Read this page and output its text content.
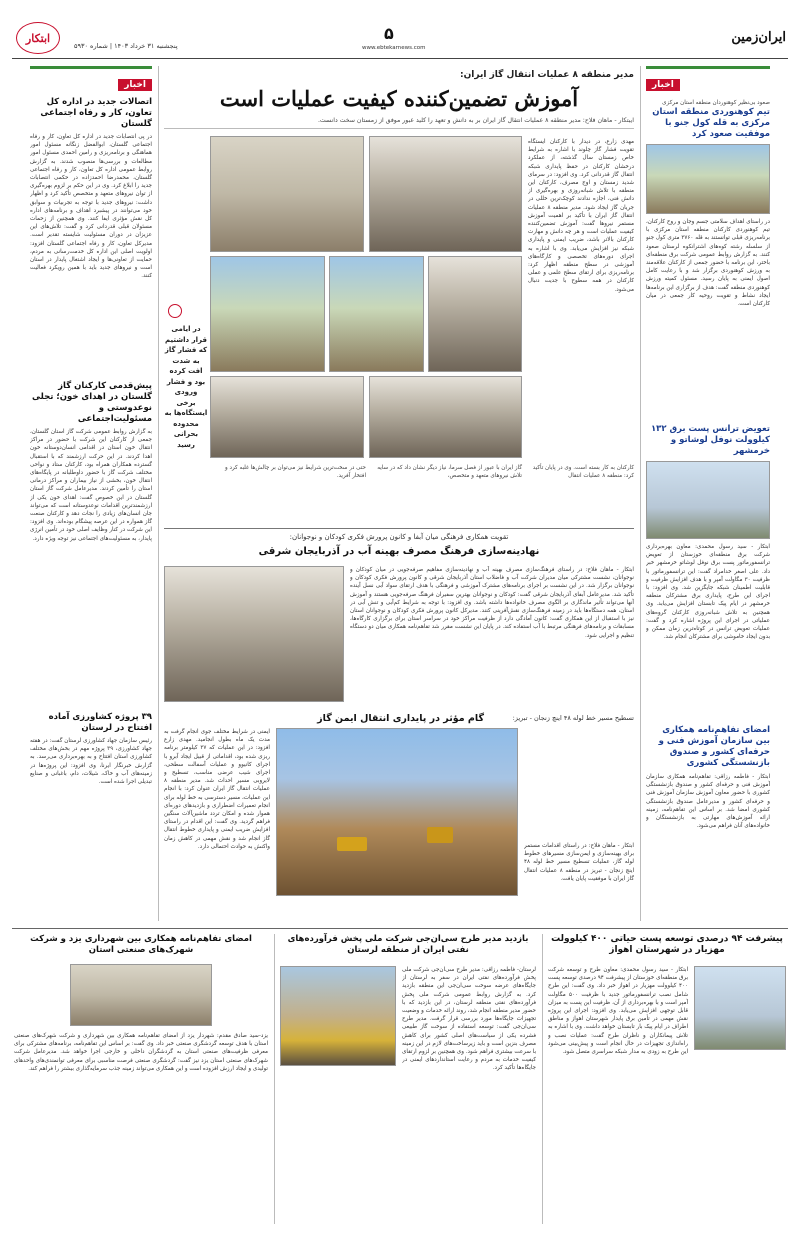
ایران‌زمین
۵
www.ebtekarnews.com
پنجشنبه ۳۱ خرداد ۱۴۰۳ | شماره ۵۹۳۰
ابتکار
اخبار
اتصالات جدید در اداره کل تعاون، کار و رفاه اجتماعی گلستان
در پی انتصابات جدید در اداره کل تعاون، کار و رفاه اجتماعی گلستان، ابوالفضل زنگانه مسئول امور هماهنگی و برنامه‌ریزی و رامین احمدی مسئول امور مطالعات و بررسی‌ها منصوب شدند. به گزارش روابط عمومی اداره کل تعاون، کار و رفاه اجتماعی گلستان، محمدرضا احمدزاده در حکمی انتصابات جدید را ابلاغ کرد. وی در این حکم بر لزوم بهره‌گیری از توان نیروهای متعهد و متخصص تأکید کرد و اظهار داشت: نیروهای جدید با توجه به تجربیات و سوابق خود می‌توانند در پیشبرد اهداف و برنامه‌های اداره کل نقش مؤثری ایفا کنند. وی همچنین از زحمات مسئولان قبلی قدردانی کرد و گفت: تلاش‌های این عزیزان در دوران مسئولیت شایسته تقدیر است. مدیرکل تعاون، کار و رفاه اجتماعی گلستان افزود: اولویت اصلی این اداره کل خدمت‌رسانی به مردم، حمایت از تعاونی‌ها و ایجاد اشتغال پایدار در استان است و نیروهای جدید باید با همین رویکرد فعالیت کنند.
پیش‌قدمی کارکنان گاز گلستان در اهدای خون؛ تجلی نوعدوستی و مسئولیت‌اجتماعی
به گزارش روابط عمومی شرکت گاز استان گلستان، جمعی از کارکنان این شرکت با حضور در مراکز انتقال خون استان در اقدامی انسان‌دوستانه خون اهدا کردند. در این حرکت ارزشمند که با استقبال گسترده همکاران همراه بود، کارکنان ستاد و نواحی مختلف شرکت گاز با حضور داوطلبانه در پایگاه‌های انتقال خون، بخشی از نیاز بیماران و مراکز درمانی استان را تأمین کردند. مدیرعامل شرکت گاز استان گلستان در این خصوص گفت: اهدای خون یکی از ارزشمندترین اقدامات نوعدوستانه است که می‌تواند جان انسان‌های زیادی را نجات دهد و کارکنان صنعت گاز همواره در این عرصه پیشگام بوده‌اند. وی افزود: این شرکت در کنار وظایف اصلی خود در تأمین انرژی پایدار، به مسئولیت‌های اجتماعی نیز توجه ویژه دارد.
۳۹ پروژه کشاورزی آماده افتتاح در لرستان
رئیس سازمان جهاد کشاورزی لرستان گفت: در هفته جهاد کشاورزی، ۳۹ پروژه مهم در بخش‌های مختلف کشاورزی استان افتتاح و به بهره‌برداری می‌رسد. به گزارش خبرنگار ایرنا، وی افزود: این پروژه‌ها در زمینه‌های آب و خاک، شیلات، دام، باغبانی و صنایع تبدیلی اجرا شده است.
مدیر منطقه ۸ عملیات انتقال گاز ایران:
آموزش تضمین‌کننده کیفیت عملیات است
ایبتکار - ماهان فلاح: مدیر منطقه ۸ عملیات انتقال گاز ایران بر به دانش و تعهد را کلید عبور موفق از زمستان سخت دانست.
در ایامی قرار داشتیم که فشار گاز به شدت افت کرده بود و فشار ورودی برخی ایستگاه‌ها به محدوده بحرانی رسید
مهدی زارع، در دیدار با کارکنان ایستگاه تقویت فشار گاز چلوند با اشاره به شرایط خاص زمستان سال گذشته، از عملکرد درخشان کارکنان در حفظ پایداری شبکه انتقال گاز قدردانی کرد. وی افزود: در سرمای شدید زمستان و اوج مصرف، کارکنان این منطقه با تلاش شبانه‌روزی و بهره‌گیری از دانش فنی، اجازه ندادند کوچک‌ترین خللی در جریان گاز ایجاد شود. مدیر منطقه ۸ عملیات انتقال گاز ایران با تأکید بر اهمیت آموزش مستمر نیروها گفت: آموزش تضمین‌کننده کیفیت عملیات است و هر چه دانش و مهارت کارکنان بالاتر باشد، ضریب ایمنی و پایداری شبکه نیز افزایش می‌یابد. وی با اشاره به اجرای دوره‌های تخصصی و کارگاه‌های آموزشی در سطح منطقه اظهار کرد: برنامه‌ریزی برای ارتقای سطح علمی و عملی کارکنان در همه سطوح با جدیت دنبال می‌شود.
کارکنان به کار بسته است. وی در پایان تأکید کرد: منطقه ۸ عملیات انتقال
گاز ایران با عبور از فصل سرما، نیاز دیگر نشان داد که در سایه تلاش نیروهای متعهد و متخصص،
حتی در سخت‌ترین شرایط نیز می‌توان بر چالش‌ها غلبه کرد و افتخار آفرید.
تقویت همکاری فرهنگی میان آبفا و کانون پرورش فکری کودکان و نوجوانان:
نهادینه‌سازی فرهنگ مصرف بهینه آب در آذربایجان شرقی
ابتکار - ماهان فلاح: در راستای فرهنگ‌سازی مصرف بهینه آب و نهادینه‌سازی مفاهیم صرفه‌جویی در میان کودکان و نوجوانان، نشست مشترکی میان مدیران شرکت آب و فاضلاب استان آذربایجان شرقی و کانون پرورش فکری کودکان و نوجوانان برگزار شد. در این نشست بر اجرای برنامه‌های مشترک آموزشی و فرهنگی با هدف ارتقای سواد آبی نسل آینده تأکید شد. مدیرعامل آبفای آذربایجان شرقی گفت: کودکان و نوجوانان بهترین سفیران فرهنگ صرفه‌جویی هستند و آموزش آنها می‌تواند تأثیر ماندگاری بر الگوی مصرف خانواده‌ها داشته باشد. وی افزود: با توجه به شرایط کم‌آبی و تنش آبی در استان، همه دستگاه‌ها باید در زمینه فرهنگ‌سازی نقش‌آفرینی کنند. مدیرکل کانون پرورش فکری کودکان و نوجوانان استان نیز با استقبال از این همکاری گفت: کانون آمادگی دارد از ظرفیت مراکز خود در سراسر استان برای برگزاری کارگاه‌ها، مسابقات و برنامه‌های فرهنگی مرتبط با آب استفاده کند. در پایان این نشست مقرر شد تفاهم‌نامه همکاری میان دو دستگاه تنظیم و اجرایی شود.
تسطیح مسیر خط لوله ۴۸ اینچ زنجان - تبریز:
گام مؤثر در پایداری انتقال ایمن گاز
ابتکار - ماهان فلاح: در راستای اقدامات مستمر برای بهینه‌سازی و ایمن‌سازی مسیرهای خطوط لوله گاز، عملیات تسطیح مسیر خط لوله ۴۸ اینچ زنجان - تبریز در منطقه ۸ عملیات انتقال گاز ایران با موفقیت پایان یافت.
ایمنی در شرایط مختلف جوی انجام گرفت به مدت یک ماه بطول انجامید. مهدی زارع افزود: در این عملیات که ۳۷ کیلومتر برنامه ریزی شده بود، اقداماتی از قبیل ایجاد آبرو با اجرای کانیوو و عملیات آسفالت سطحی، اجرای شیب عرضی مناسب، تسطیح و لایروبی مسیر احداث شد. مدیر منطقه ۸ عملیات انتقال گاز ایران عنوان کرد: با انجام این عملیات، مسیر دسترسی به خط لوله برای انجام تعمیرات اضطراری و بازدیدهای دوره‌ای هموار شده و امکان تردد ماشین‌آلات سنگین فراهم گردید. وی گفت: این اقدام در راستای افزایش ضریب ایمنی و پایداری خطوط انتقال گاز انجام شد و نقش مهمی در کاهش زمان واکنش به حوادث احتمالی دارد.
اخبار
صعود بی‌نظیر کوهنوردان منطقه استان مرکزی
تیم کوهنوردی منطقه استان مرکزی به قله کول جنو با موفقیت صعود کرد
در راستای اهداف سلامتی جسم وجان و روح کارکنان، تیم کوهنوردی کارکنان منطقه استان مرکزی با برنامه‌ریزی قبلی توانستند به قله ۳۷۶۰ متری کول جنو از سلسله رشته کوه‌های اشترانکوه لرستان صعود کنند. به گزارش روابط عمومی شرکت برق منطقه‌ای باختر، این برنامه با حضور جمعی از کارکنان علاقه‌مند به ورزش کوهنوردی برگزار شد و با رعایت کامل اصول ایمنی به پایان رسید. مسئول کمیته ورزش کوهنوردی منطقه گفت: هدف از برگزاری این برنامه‌ها ایجاد نشاط و تقویت روحیه کار جمعی در میان کارکنان است.
تعویض ترانس پست برق ۱۳۲ کیلوولت نوفل لوشاتو و خرمشهر
ابتکار - سید رسول محمدی: معاون بهره‌برداری شرکت برق منطقه‌ای خوزستان از تعویض ترانسفورماتور پست برق نوفل لوشاتو خرمشهر خبر داد. علی اصغر خدامراد گفت: این ترانسفورماتور با ظرفیت ۳۰ مگاولت آمپر و با هدف افزایش ظرفیت و قابلیت اطمینان شبکه جایگزین شد. وی افزود: با اجرای این طرح، پایداری برق مشترکان منطقه خرمشهر در ایام پیک تابستان افزایش می‌یابد. وی همچنین به تلاش شبانه‌روزی کارکنان گروه‌های عملیاتی در اجرای این پروژه اشاره کرد و گفت: عملیات تعویض ترانس در کوتاه‌ترین زمان ممکن و بدون ایجاد خاموشی برای مشترکان انجام شد.
امضای تفاهم‌نامه همکاری بین سازمان آموزش فنی و حرفه‌ای کشور و صندوق بازنشستگی کشوری
ابتکار - فاطمه رزاقی: تفاهم‌نامه همکاری سازمان آموزش فنی و حرفه‌ای کشور و صندوق بازنشستگی کشوری با حضور معاون آموزش سازمان آموزش فنی و حرفه‌ای کشور و مدیرعامل صندوق بازنشستگی کشوری امضا شد. بر اساس این تفاهم‌نامه، زمینه ارائه آموزش‌های مهارتی به بازنشستگان و خانواده‌های آنان فراهم می‌شود.
پیشرفت ۹۴ درصدی توسعه پست حیاتی ۴۰۰ کیلوولت مهزیار در شهرستان اهواز
ابتکار - سید رسول محمدی: معاون طرح و توسعه شرکت برق منطقه‌ای خوزستان از پیشرفت ۹۴ درصدی توسعه پست ۴۰۰ کیلوولت مهزیار در اهواز خبر داد. وی گفت: این طرح شامل نصب ترانسفورماتور جدید با ظرفیت ۵۰۰ مگاولت آمپر است و با بهره‌برداری از آن، ظرفیت این پست به میزان قابل توجهی افزایش می‌یابد. وی افزود: اجرای این پروژه نقش مهمی در تأمین برق پایدار شهرستان اهواز و مناطق اطراف در ایام پیک بار تابستان خواهد داشت. وی با اشاره به تلاش پیمانکاران و ناظران طرح گفت: عملیات نصب و راه‌اندازی تجهیزات در حال انجام است و پیش‌بینی می‌شود این طرح به زودی به مدار شبکه سراسری متصل شود.
بازدید مدیر طرح سی‌ان‌جی شرکت ملی پخش فرآورده‌های نفتی ایران از منطقه لرستان
لرستان- فاطمه رزاقی: مدیر طرح سی‌ان‌جی شرکت ملی پخش فرآورده‌های نفتی ایران در سفر به لرستان از جایگاه‌های عرضه سوخت سی‌ان‌جی این منطقه بازدید کرد. به گزارش روابط عمومی شرکت ملی پخش فرآورده‌های نفتی منطقه لرستان، در این بازدید که با حضور مدیر منطقه انجام شد، روند ارائه خدمات و وضعیت تجهیزات جایگاه‌ها مورد بررسی قرار گرفت. مدیر طرح سی‌ان‌جی گفت: توسعه استفاده از سوخت گاز طبیعی فشرده یکی از سیاست‌های اصلی کشور برای کاهش مصرف بنزین است و باید زیرساخت‌های لازم در این زمینه با سرعت بیشتری فراهم شود. وی همچنین بر لزوم ارتقای کیفیت خدمات به مردم و رعایت استانداردهای ایمنی در جایگاه‌ها تأکید کرد.
امضای تفاهم‌نامه همکاری بین شهرداری یزد و شرکت شهرک‌های صنعتی استان
یزد-سید صادق مقدم: شهردار یزد از امضای تفاهم‌نامه همکاری بین شهرداری و شرکت شهرک‌های صنعتی استان با هدف توسعه گردشگری صنعتی خبر داد. وی گفت: بر اساس این تفاهم‌نامه، برنامه‌های مشترکی برای معرفی ظرفیت‌های صنعتی استان به گردشگران داخلی و خارجی اجرا خواهد شد. مدیرعامل شرکت شهرک‌های صنعتی استان یزد نیز گفت: گردشگری صنعتی فرصت مناسبی برای معرفی توانمندی‌های واحدهای تولیدی و ایجاد ارزش افزوده است و این همکاری می‌تواند زمینه جذب سرمایه‌گذاری بیشتر را فراهم کند.
